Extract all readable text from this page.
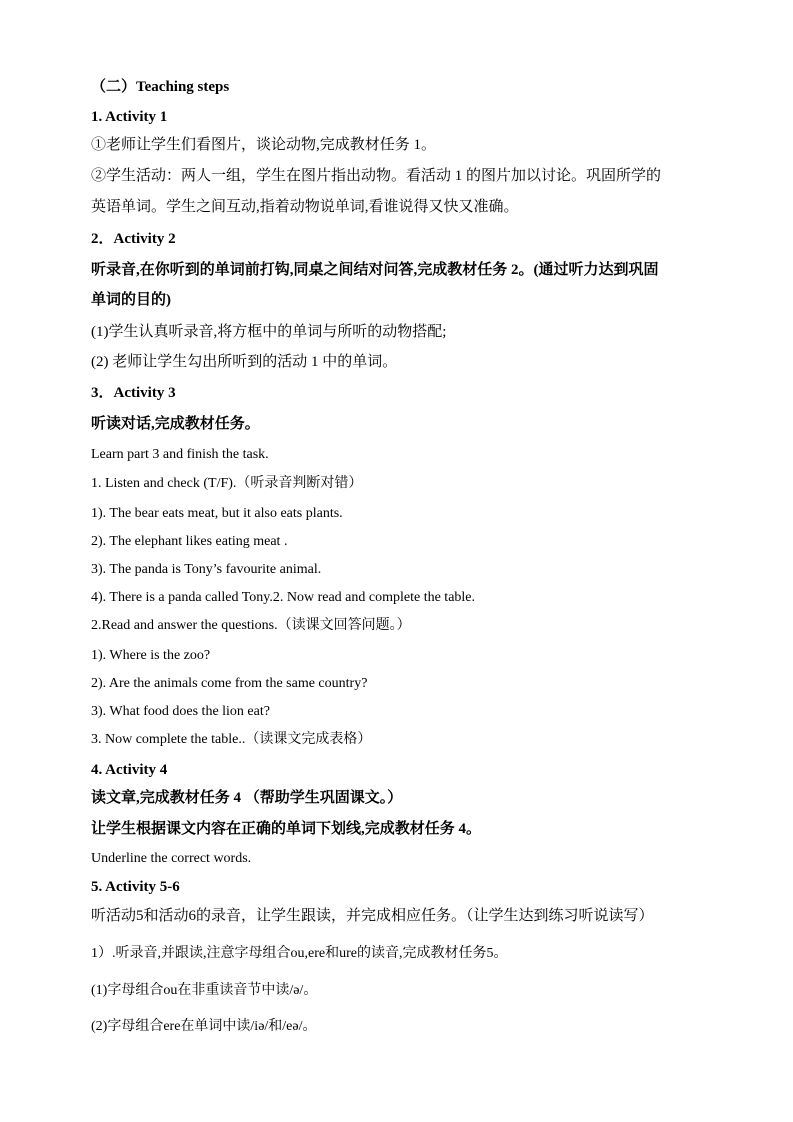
（二）Teaching steps
1. Activity 1
①老师让学生们看图片，谈论动物,完成教材任务 1。
②学生活动：两人一组，学生在图片指出动物。看活动 1 的图片加以讨论。巩固所学的
英语单词。学生之间互动,指着动物说单词,看谁说得又快又准确。
2．Activity 2
听录音,在你听到的单词前打钩,同桌之间结对问答,完成教材任务 2。(通过听力达到巩固
单词的目的)
(1)学生认真听录音,将方框中的单词与所听的动物搭配;
(2) 老师让学生勾出所听到的活动 1 中的单词。
3．Activity 3
听读对话,完成教材任务。
Learn part 3 and finish the task.
1. Listen and check (T/F).（听录音判断对错）
1). The bear eats meat, but it also eats plants.
2). The elephant likes eating meat .
3). The panda is Tony’s favourite animal.
4). There is a panda called Tony.2. Now read and complete the table.
2.Read and answer the questions.（读课文回答问题。）
1). Where is the zoo?
2). Are the animals come from the same country?
3). What food does the lion eat?
3. Now complete the table..（读课文完成表格）
4. Activity 4
读文章,完成教材任务 4 （帮助学生巩固课文。）
让学生根据课文内容在正确的单词下划线,完成教材任务 4。
Underline the correct words.
5. Activity 5-6
听活动5和活动6的录音，让学生跟读，并完成相应任务。（让学生达到练习听说读写）
1）.听录音,并跟读,注意字母组合ou,ere和ure的读音,完成教材任务5。
(1)字母组合ou在非重读音节中读/ə/。
(2)字母组合ere在单词中读/iə/和/eə/。
